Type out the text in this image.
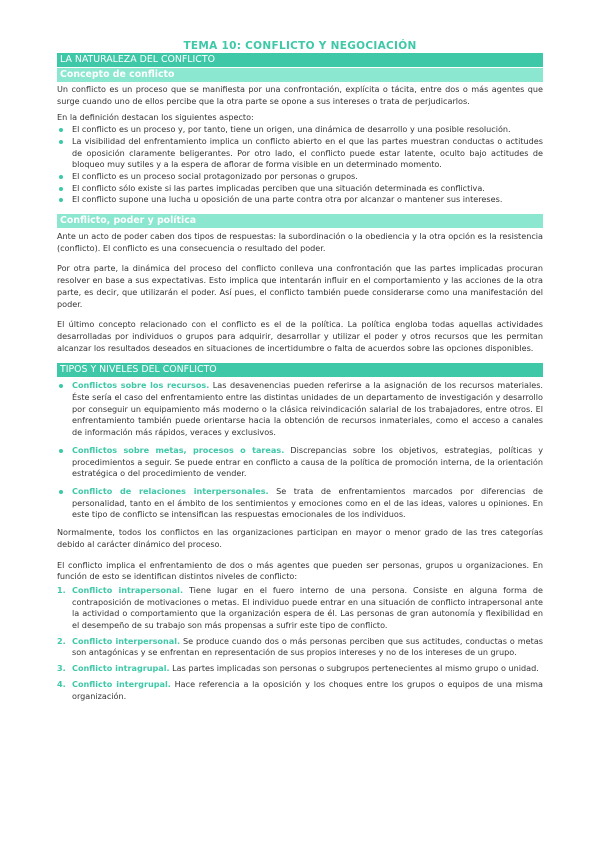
TEMA 10: CONFLICTO Y NEGOCIACIÓN
LA NATURALEZA DEL CONFLICTO
Concepto de conflicto

Un conflicto es un proceso que se manifiesta por una confrontación, explícita o tácita, entre dos o más agentes que surge cuando uno de ellos percibe que la otra parte se opone a sus intereses o trata de perjudicarlos.

En la definición destacan los siguientes aspecto:

El conflicto es un proceso y, por tanto, tiene un origen, una dinámica de desarrollo y una posible resolución.
La visibilidad del enfrentamiento implica un conflicto abierto en el que las partes muestran conductas o actitudes de oposición claramente beligerantes. Por otro lado, el conflicto puede estar latente, oculto bajo actitudes de bloqueo muy sutiles y a la espera de aflorar de forma visible en un determinado momento.
El conflicto es un proceso social protagonizado por personas o grupos.
El conflicto sólo existe si las partes implicadas perciben que una situación determinada es conflictiva.
El conflicto supone una lucha u oposición de una parte contra otra por alcanzar o mantener sus intereses.
Conflicto, poder y política

Ante un acto de poder caben dos tipos de respuestas: la subordinación o la obediencia y la otra opción es la resistencia (conflicto). El conflicto es una consecuencia o resultado del poder.

Por otra parte, la dinámica del proceso del conflicto conlleva una confrontación que las partes implicadas procuran resolver en base a sus expectativas. Esto implica que intentarán influir en el comportamiento y las acciones de la otra parte, es decir, que utilizarán el poder. Así pues, el conflicto también puede considerarse como una manifestación del poder.

El último concepto relacionado con el conflicto es el de la política. La política engloba todas aquellas actividades desarrolladas por individuos o grupos para adquirir, desarrollar y utilizar el poder y otros recursos que les permitan alcanzar los resultados deseados en situaciones de incertidumbre o falta de acuerdos sobre las opciones disponibles.

TIPOS Y NIVELES DEL CONFLICTO
Conflictos sobre los recursos. Las desavenencias pueden referirse a la asignación de los recursos materiales. Éste sería el caso del enfrentamiento entre las distintas unidades de un departamento de investigación y desarrollo por conseguir un equipamiento más moderno o la clásica reivindicación salarial de los trabajadores, entre otros. El enfrentamiento también puede orientarse hacia la obtención de recursos inmateriales, como el acceso a canales de información más rápidos, veraces y exclusivos.
Conflictos sobre metas, procesos o tareas. Discrepancias sobre los objetivos, estrategias, políticas y procedimientos a seguir. Se puede entrar en conflicto a causa de la política de promoción interna, de la orientación estratégica o del procedimiento de vender.
Conflicto de relaciones interpersonales. Se trata de enfrentamientos marcados por diferencias de personalidad, tanto en el ámbito de los sentimientos y emociones como en el de las ideas, valores u opiniones. En este tipo de conflicto se intensifican las respuestas emocionales de los individuos.

Normalmente, todos los conflictos en las organizaciones participan en mayor o menor grado de las tres categorías debido al carácter dinámico del proceso.

El conflicto implica el enfrentamiento de dos o más agentes que pueden ser personas, grupos u organizaciones. En función de esto se identifican distintos niveles de conflicto:

1. Conflicto intrapersonal. Tiene lugar en el fuero interno de una persona. Consiste en alguna forma de contraposición de motivaciones o metas. El individuo puede entrar en una situación de conflicto intrapersonal ante la actividad o comportamiento que la organización espera de él. Las personas de gran autonomía y flexibilidad en el desempeño de su trabajo son más propensas a sufrir este tipo de conflicto.
2. Conflicto interpersonal. Se produce cuando dos o más personas perciben que sus actitudes, conductas o metas son antagónicas y se enfrentan en representación de sus propios intereses y no de los intereses de un grupo.
3. Conflicto intragrupal. Las partes implicadas son personas o subgrupos pertenecientes al mismo grupo o unidad.
4. Conflicto intergrupal. Hace referencia a la oposición y los choques entre los grupos o equipos de una misma organización.
